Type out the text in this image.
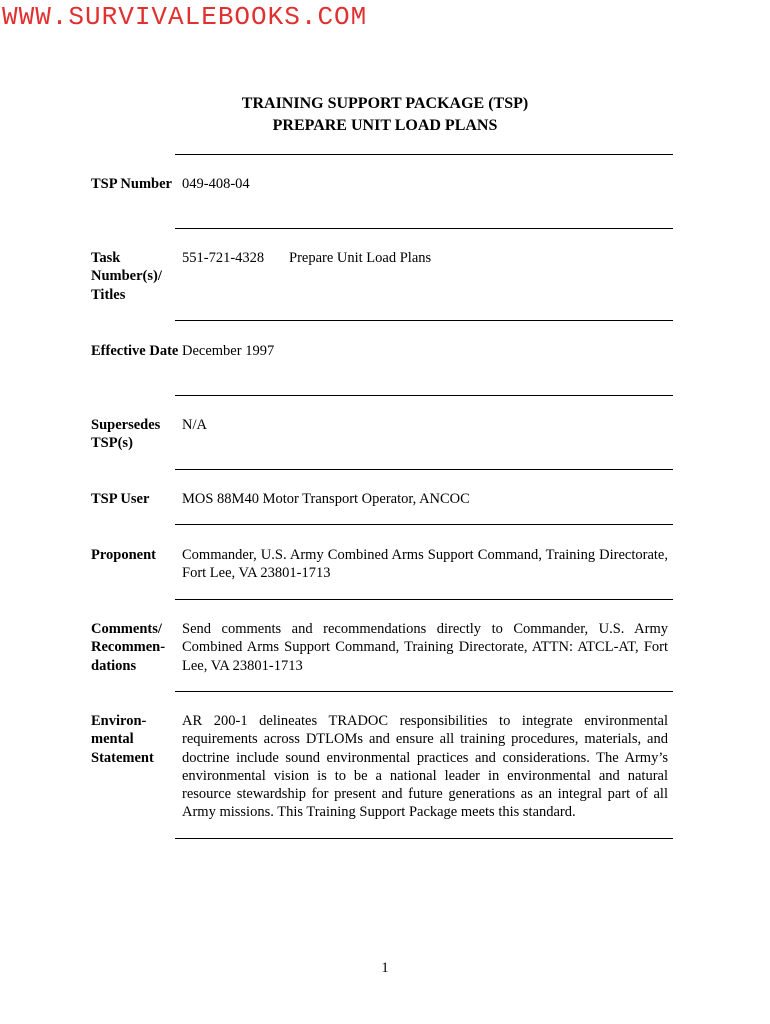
WWW.SURVIVALEBOOKS.COM
TRAINING SUPPORT PACKAGE (TSP)
PREPARE UNIT LOAD PLANS
TSP Number 049-408-04
Task Number(s)/ Titles
551-721-4328 Prepare Unit Load Plans
Effective Date December 1997
Supersedes TSP(s)
N/A
TSP User	MOS 88M40 Motor Transport Operator, ANCOC
Proponent	Commander, U.S. Army Combined Arms Support Command, Training Directorate, Fort Lee, VA 23801-1713
Comments/ Recommen-dations
Send comments and recommendations directly to Commander, U.S. Army Combined Arms Support Command, Training Directorate, ATTN: ATCL-AT, Fort Lee, VA 23801-1713
Environ-mental Statement
AR 200-1 delineates TRADOC responsibilities to integrate environmental requirements across DTLOMs and ensure all training procedures, materials, and doctrine include sound environmental practices and considerations. The Army’s environmental vision is to be a national leader in environmental and natural resource stewardship for present and future generations as an integral part of all Army missions. This Training Support Package meets this standard.
1
